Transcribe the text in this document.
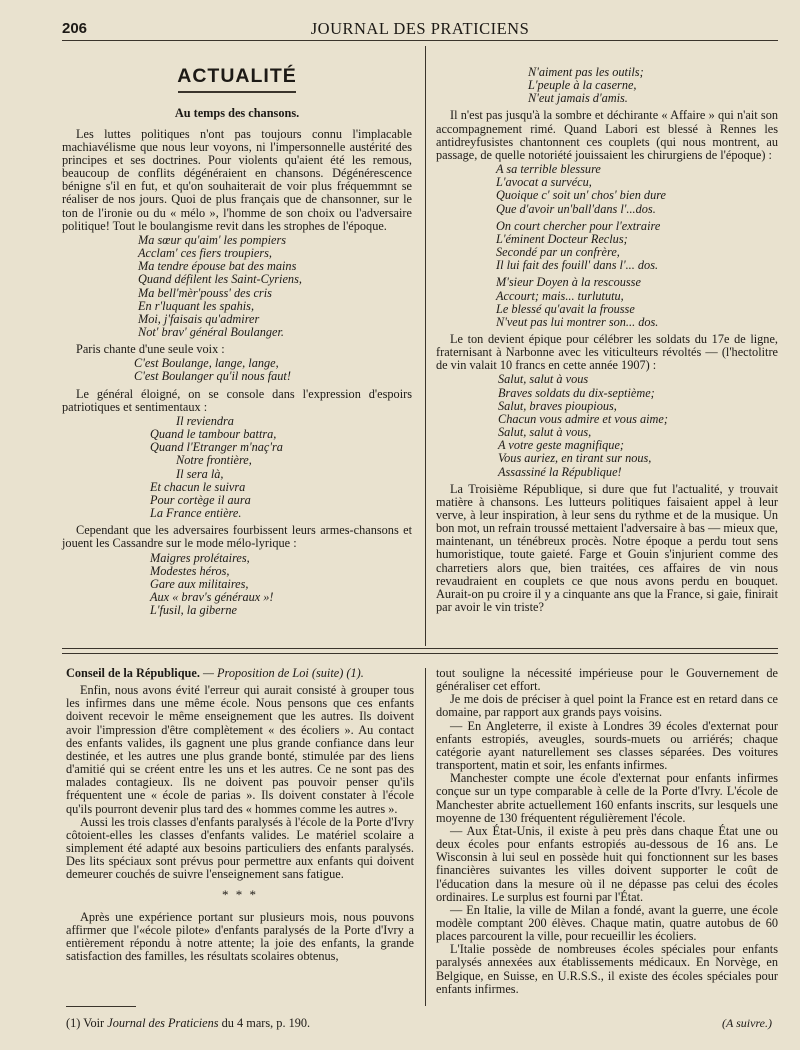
206	JOURNAL DES PRATICIENS
ACTUALITÉ
Au temps des chansons.

Les luttes politiques n'ont pas toujours connu l'implacable machiavélisme que nous leur voyons, ni l'impersonnelle austérité des principes et ses doctrines. Pour violents qu'aient été les remous, beaucoup de conflits dégénéraient en chansons. Dégénérescence bénigne s'il en fut, et qu'on souhaiterait de voir plus fréquemmnt se réaliser de nos jours. Quoi de plus français que de chansonner, sur le ton de l'ironie ou du « mélo », l'homme de son choix ou l'adversaire politique! Tout le boulangisme revit dans les strophes de l'époque.

Ma sœur qu'aim' les pompiers
Acclam' ces fiers troupiers,
Ma tendre épouse bat des mains
Quand défilent les Saint-Cyriens,
Ma bell'mèr'pouss' des cris
En r'luquant les spahis,
Moi, j'faisais qu'admirer
Not' brav' général Boulanger.

Paris chante d'une seule voix :

C'est Boulange, lange, lange,
C'est Boulanger qu'il nous faut!

Le général éloigné, on se console dans l'expression d'espoirs patriotiques et sentimentaux :

Il reviendra
Quand le tambour battra,
Quand l'Etranger m'naç'ra
Notre frontière,
Il sera là,
Et chacun le suivra
Pour cortège il aura
La France entière.

Cependant que les adversaires fourbissent leurs armes-chansons et jouent les Cassandre sur le mode mélo-lyrique :

Maigres prolétaires,
Modestes héros,
Gare aux militaires,
Aux « brav's généraux »!
L'fusil, la giberne
N'aiment pas les outils;
L'peuple à la caserne,
N'eut jamais d'amis.

Il n'est pas jusqu'à la sombre et déchirante « Affaire » qui n'ait son accompagnement rimé. Quand Labori est blessé à Rennes les antidreyfusistes chantonnent ces couplets (qui nous montrent, au passage, de quelle notoriété jouissaient les chirurgiens de l'époque) :

A sa terrible blessure
L'avocat a survécu,
Quoique c' soit un' chos' bien dure
Que d'avoir un'ball'dans l'...dos.
On court chercher pour l'extraire
L'éminent Docteur Reclus;
Secondé par un confrère,
Il lui fait des fouill' dans l'... dos.
M'sieur Doyen à la rescousse
Accourt; mais... turlututu,
Le blessé qu'avait la frousse
N'veut pas lui montrer son... dos.

Le ton devient épique pour célébrer les soldats du 17e de ligne, fraternisant à Narbonne avec les viticulteurs révoltés — (l'hectolitre de vin valait 10 francs en cette année 1907) :

Salut, salut à vous
Braves soldats du dix-septième;
Salut, braves pioupious,
Chacun vous admire et vous aime;
Salut, salut à vous,
A votre geste magnifique;
Vous auriez, en tirant sur nous,
Assassiné la République!

La Troisième République, si dure que fut l'actualité, y trouvait matière à chansons. Les lutteurs politiques faisaient appel à leur verve, à leur inspiration, à leur sens du rythme et de la musique. Un bon mot, un refrain troussé mettaient l'adversaire à bas — mieux que, maintenant, un ténébreux procès. Notre époque a perdu tout sens humoristique, toute gaieté. Farge et Gouin s'injurient comme des charretiers alors que, bien traitées, ces affaires de vin nous revaudraient en couplets ce que nous avons perdu en bouquet. Aurait-on pu croire il y a cinquante ans que la France, si gaie, finirait par avoir le vin triste?

Conseil de la République. — Proposition de Loi (suite) (1).

Enfin, nous avons évité l'erreur qui aurait consisté à grouper tous les infirmes dans une même école. Nous pensons que ces enfants doivent recevoir le même enseignement que les autres. Ils doivent avoir l'impression d'être complètement « des écoliers ». Au contact des enfants valides, ils gagnent une plus grande confiance dans leur destinée, et les autres une plus grande bonté, stimulée par des liens d'amitié qui se créent entre les uns et les autres. Ce ne sont pas des malades contagieux. Ils ne doivent pas pouvoir penser qu'ils fréquentent une « école de parias ». Ils doivent constater à l'école qu'ils pourront devenir plus tard des « hommes comme les autres ».

Aussi les trois classes d'enfants paralysés à l'école de la Porte d'Ivry côtoient-elles les classes d'enfants valides. Le matériel scolaire a simplement été adapté aux besoins particuliers des enfants paralysés. Des lits spéciaux sont prévus pour permettre aux enfants qui doivent demeurer couchés de suivre l'enseignement sans fatigue.

* * *

Après une expérience portant sur plusieurs mois, nous pouvons affirmer que l'«école pilote» d'enfants paralysés de la Porte d'Ivry a entièrement répondu à notre attente; la joie des enfants, la grande satisfaction des familles, les résultats scolaires obtenus,

tout souligne la nécessité impérieuse pour le Gouvernement de généraliser cet effort.

Je me dois de préciser à quel point la France est en retard dans ce domaine, par rapport aux grands pays voisins.

— En Angleterre, il existe à Londres 39 écoles d'externat pour enfants estropiés, aveugles, sourds-muets ou arriérés; chaque catégorie ayant naturellement ses classes séparées. Des voitures transportent, matin et soir, les enfants infirmes.

Manchester compte une école d'externat pour enfants infirmes conçue sur un type comparable à celle de la Porte d'Ivry. L'école de Manchester abrite actuellement 160 enfants inscrits, sur lesquels une moyenne de 130 fréquentent régulièrement l'école.

— Aux État-Unis, il existe à peu près dans chaque État une ou deux écoles pour enfants estropiés au-dessous de 16 ans. Le Wisconsin à lui seul en possède huit qui fonctionnent sur les bases financières suivantes les villes doivent supporter le coût de l'éducation dans la mesure où il ne dépasse pas celui des écoles ordinaires. Le surplus est fourni par l'État.

— En Italie, la ville de Milan a fondé, avant la guerre, une école modèle comptant 200 élèves. Chaque matin, quatre autobus de 60 places parcourent la ville, pour recueillir les écoliers.

L'Italie possède de nombreuses écoles spéciales pour enfants paralysés annexées aux établissements médicaux. En Norvège, en Belgique, en Suisse, en U.R.S.S., il existe des écoles spéciales pour enfants infirmes.

(1) Voir Journal des Praticiens du 4 mars, p. 190.	(A suivre.)
